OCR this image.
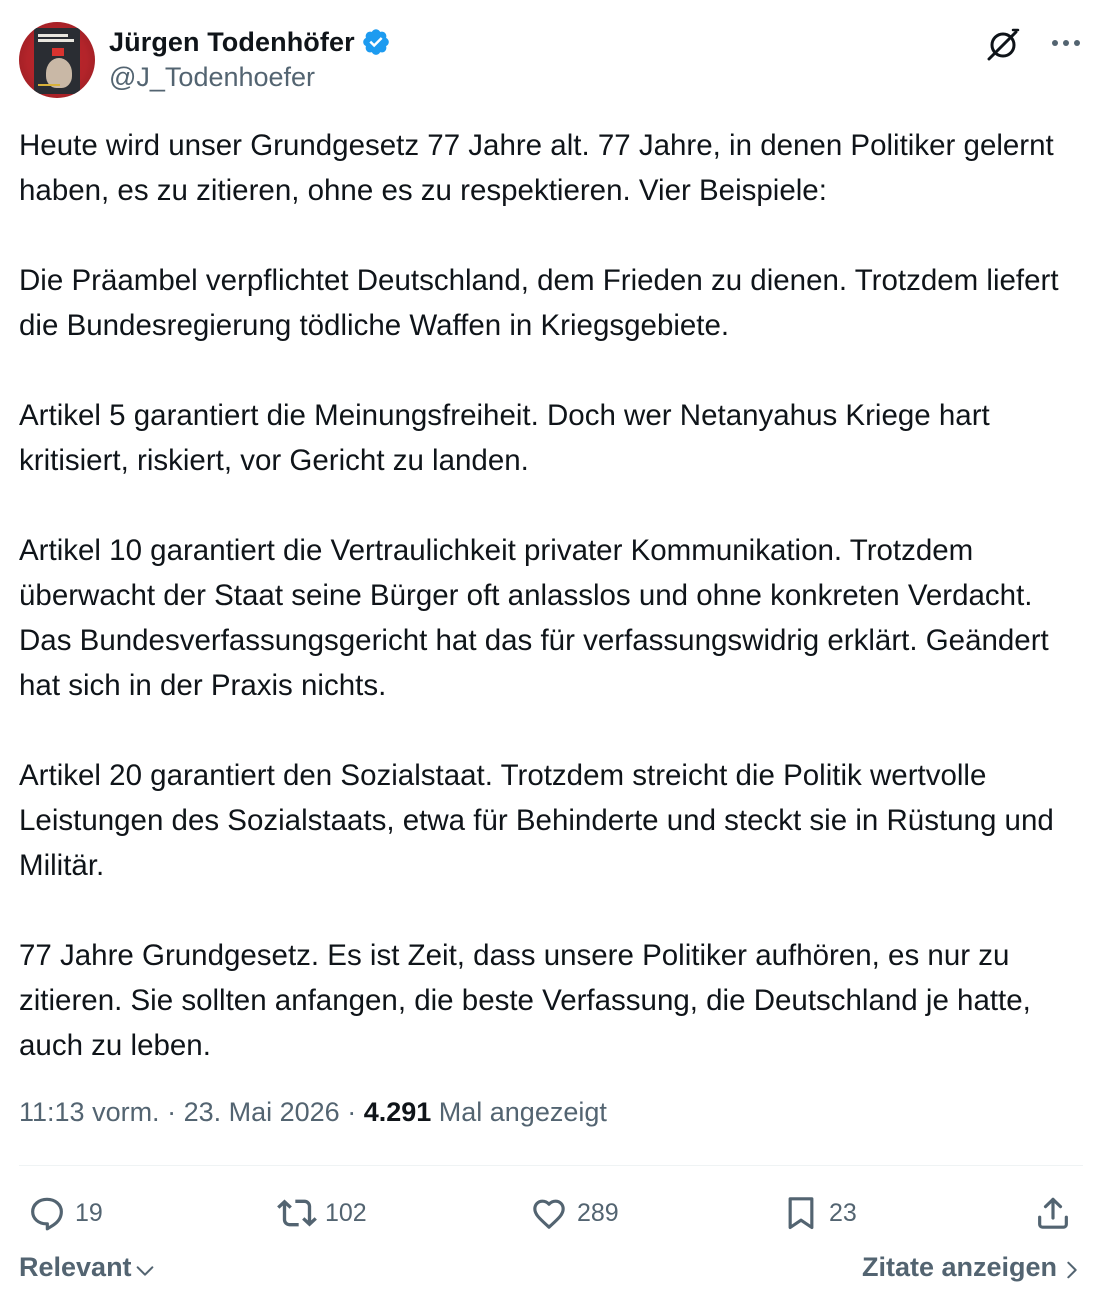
Jürgen Todenhöfer
@J_Todenhoefer

Heute wird unser Grundgesetz 77 Jahre alt. 77 Jahre, in denen Politiker gelernt haben, es zu zitieren, ohne es zu respektieren. Vier Beispiele:

Die Präambel verpflichtet Deutschland, dem Frieden zu dienen. Trotzdem liefert die Bundesregierung tödliche Waffen in Kriegsgebiete.

Artikel 5 garantiert die Meinungsfreiheit. Doch wer Netanyahus Kriege hart kritisiert, riskiert, vor Gericht zu landen.

Artikel 10 garantiert die Vertraulichkeit privater Kommunikation. Trotzdem überwacht der Staat seine Bürger oft anlasslos und ohne konkreten Verdacht. Das Bundesverfassungsgericht hat das für verfassungswidrig erklärt. Geändert hat sich in der Praxis nichts.

Artikel 20 garantiert den Sozialstaat. Trotzdem streicht die Politik wertvolle Leistungen des Sozialstaats, etwa für Behinderte und steckt sie in Rüstung und Militär.

77 Jahre Grundgesetz. Es ist Zeit, dass unsere Politiker aufhören, es nur zu zitieren. Sie sollten anfangen, die beste Verfassung, die Deutschland je hatte, auch zu leben.

11:13 vorm. · 23. Mai 2026 · 4.291 Mal angezeigt
19	102	289	23
Relevant	Zitate anzeigen
